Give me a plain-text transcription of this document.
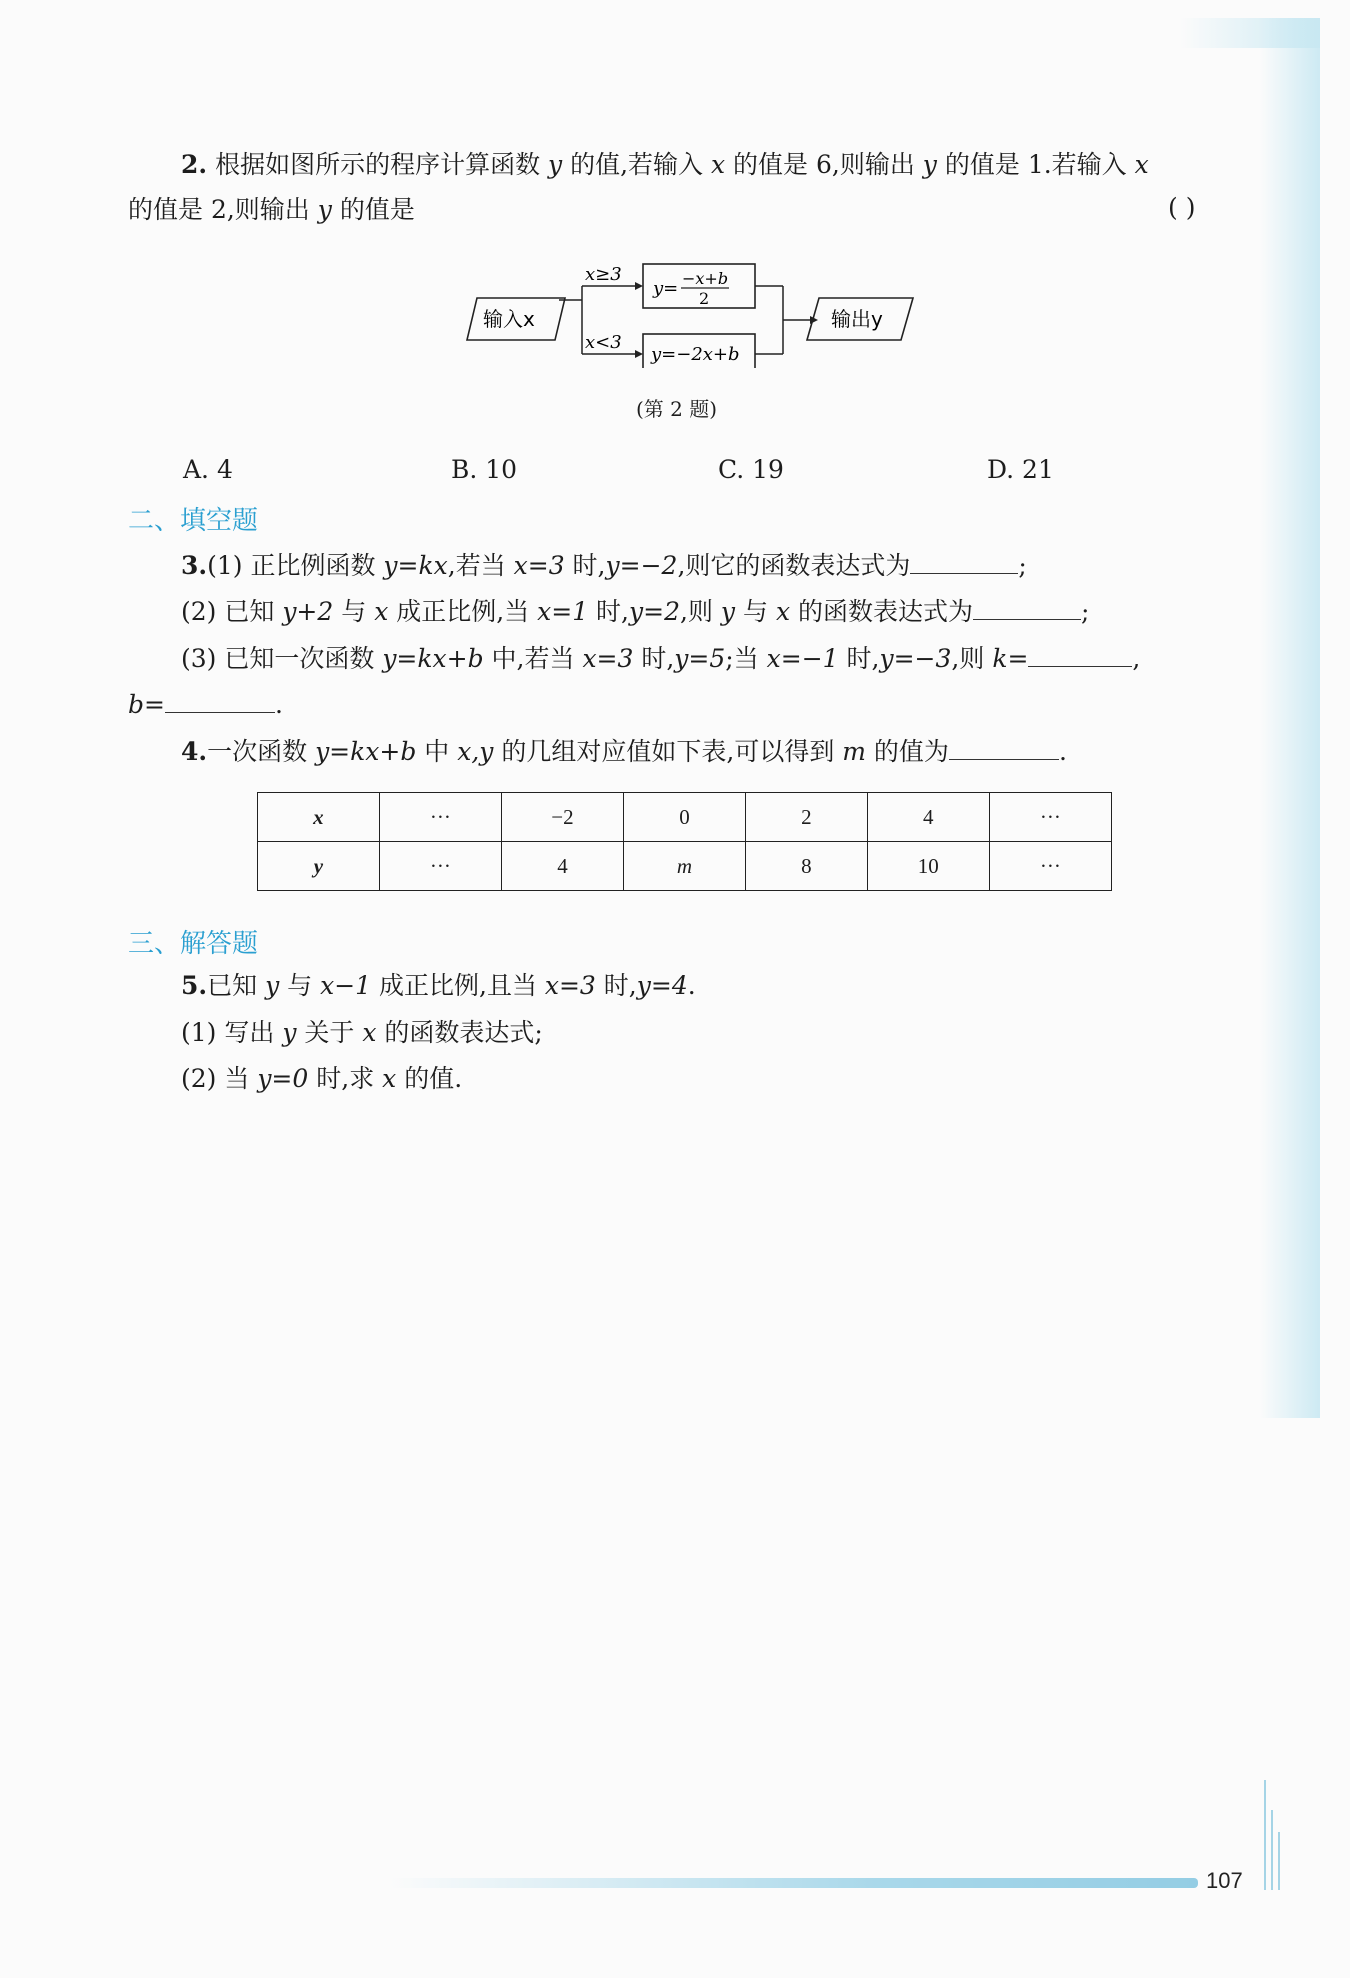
2. 根据如图所示的程序计算函数 y 的值,若输入 x 的值是 6,则输出 y 的值是 1.若输入 x
的值是 2,则输出 y 的值是	( )
输入x
x≥3
x<3
y= −x+b
2
y=−2x+b
输出y
(第 2 题)
A. 4	B. 10	C. 19	D. 21
二、填空题
3.(1) 正比例函数 y=kx,若当 x=3 时,y=−2,则它的函数表达式为	;
(2) 已知 y+2 与 x 成正比例,当 x=1 时,y=2,则 y 与 x 的函数表达式为	;
(3) 已知一次函数 y=kx+b 中,若当 x=3 时,y=5;当 x=−1 时,y=−3,则 k=	,
b=	.
4.一次函数 y=kx+b 中 x,y 的几组对应值如下表,可以得到 m 的值为	.
x	···	−2	0	2	4	···
y	···	4	m	8	10	···
三、解答题
5.已知 y 与 x−1 成正比例,且当 x=3 时,y=4.
(1) 写出 y 关于 x 的函数表达式;
(2) 当 y=0 时,求 x 的值.
107
